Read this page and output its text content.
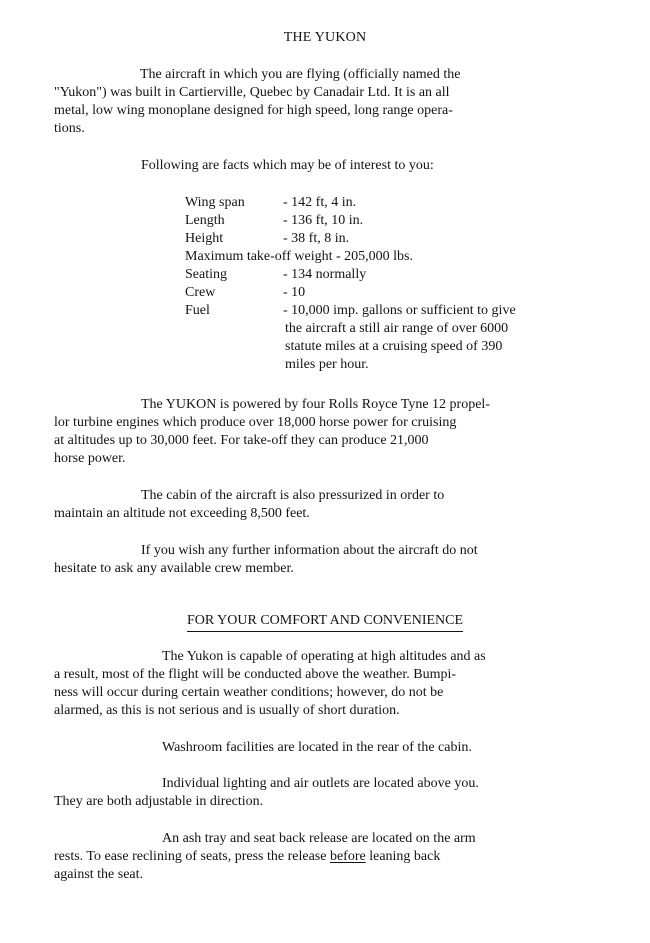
THE YUKON
The aircraft in which you are flying (officially named the
"Yukon") was built in Cartierville, Quebec by Canadair Ltd. It is an all
metal, low wing monoplane designed for high speed, long range opera-
tions.
Following are facts which may be of interest to you:
Wing span	- 142 ft, 4 in.
Length	- 136 ft, 10 in.
Height	- 38 ft, 8 in.
Maximum take-off weight - 205,000 lbs.
Seating	- 134 normally
Crew	- 10
Fuel	- 10,000 imp. gallons or sufficient to give
the aircraft a still air range of over 6000
statute miles at a cruising speed of 390
miles per hour.
The YUKON is powered by four Rolls Royce Tyne 12 propel-
lor turbine engines which produce over 18,000 horse power for cruising
at altitudes up to 30,000 feet. For take-off they can produce 21,000
horse power.
The cabin of the aircraft is also pressurized in order to
maintain an altitude not exceeding 8,500 feet.
If you wish any further information about the aircraft do not
hesitate to ask any available crew member.
FOR YOUR COMFORT AND CONVENIENCE
The Yukon is capable of operating at high altitudes and as
a result, most of the flight will be conducted above the weather. Bumpi-
ness will occur during certain weather conditions; however, do not be
alarmed, as this is not serious and is usually of short duration.
Washroom facilities are located in the rear of the cabin.
Individual lighting and air outlets are located above you.
They are both adjustable in direction.
An ash tray and seat back release are located on the arm
rests. To ease reclining of seats, press the release before leaning back
against the seat.
